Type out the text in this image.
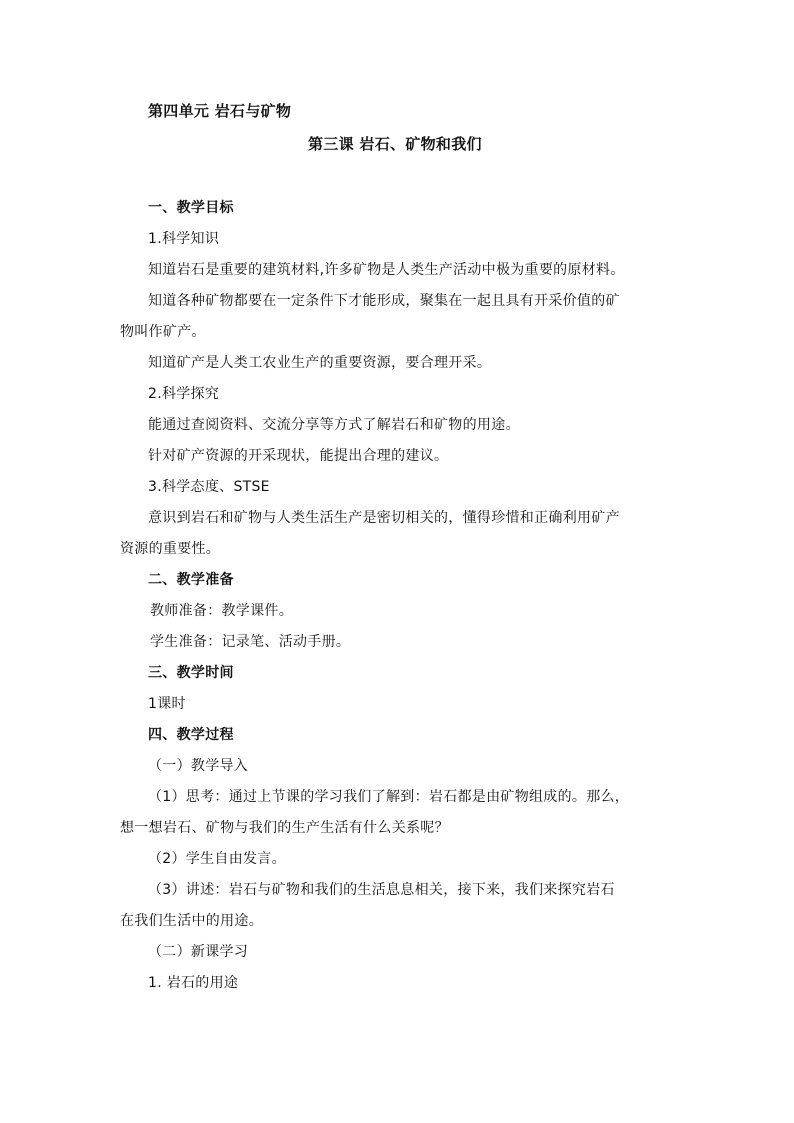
第四单元 岩石与矿物

第三课 岩石、矿物和我们

一、教学目标

1.科学知识

知道岩石是重要的建筑材料,许多矿物是人类生产活动中极为重要的原材料。

知道各种矿物都要在一定条件下才能形成，聚集在一起且具有开采价值的矿

物叫作矿产。

知道矿产是人类工农业生产的重要资源，要合理开采。

2.科学探究

能通过查阅资料、交流分享等方式了解岩石和矿物的用途。

针对矿产资源的开采现状，能提出合理的建议。

3.科学态度、STSE

意识到岩石和矿物与人类生活生产是密切相关的，懂得珍惜和正确利用矿产

资源的重要性。

二、教学准备

教师准备：教学课件。

学生准备：记录笔、活动手册。

三、教学时间

1课时

四、教学过程

（一）教学导入

（1）思考：通过上节课的学习我们了解到：岩石都是由矿物组成的。那么，

想一想岩石、矿物与我们的生产生活有什么关系呢？

（2）学生自由发言。

（3）讲述：岩石与矿物和我们的生活息息相关，接下来，我们来探究岩石

在我们生活中的用途。

（二）新课学习

1. 岩石的用途
